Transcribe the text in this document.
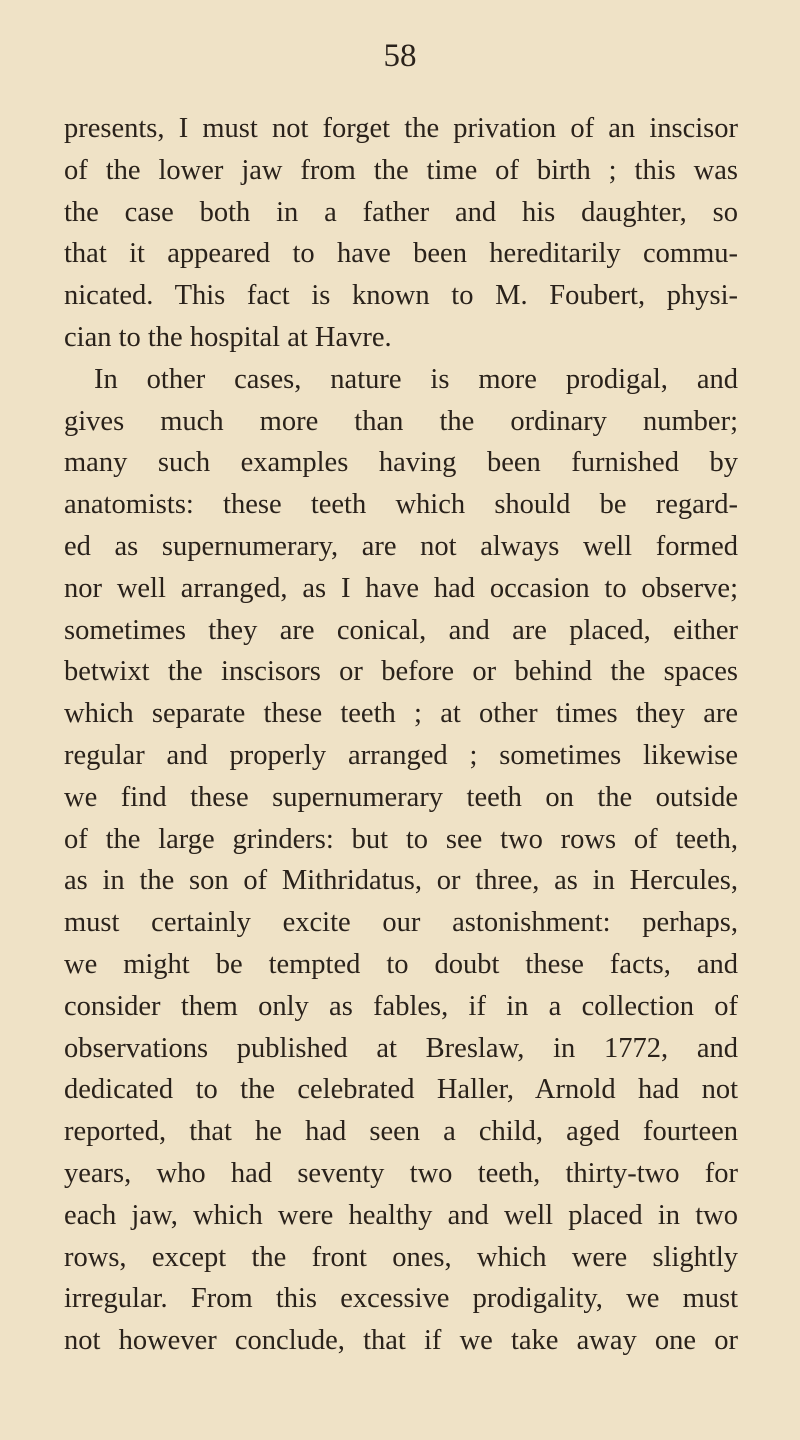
58
presents, I must not forget the privation of an inscisor
of the lower jaw from the time of birth ; this was
the case both in a father and his daughter, so
that it appeared to have been hereditarily commu-
nicated. This fact is known to M. Foubert, physi-
cian to the hospital at Havre.
In other cases, nature is more prodigal, and
gives much more than the ordinary number;
many such examples having been furnished by
anatomists: these teeth which should be regard-
ed as supernumerary, are not always well formed
nor well arranged, as I have had occasion to observe;
sometimes they are conical, and are placed, either
betwixt the inscisors or before or behind the spaces
which separate these teeth ; at other times they are
regular and properly arranged ; sometimes likewise
we find these supernumerary teeth on the outside
of the large grinders: but to see two rows of teeth,
as in the son of Mithridatus, or three, as in Hercules,
must certainly excite our astonishment: perhaps,
we might be tempted to doubt these facts, and
consider them only as fables, if in a collection of
observations published at Breslaw, in 1772, and
dedicated to the celebrated Haller, Arnold had not
reported, that he had seen a child, aged fourteen
years, who had seventy two teeth, thirty-two for
each jaw, which were healthy and well placed in two
rows, except the front ones, which were slightly
irregular. From this excessive prodigality, we must
not however conclude, that if we take away one or
